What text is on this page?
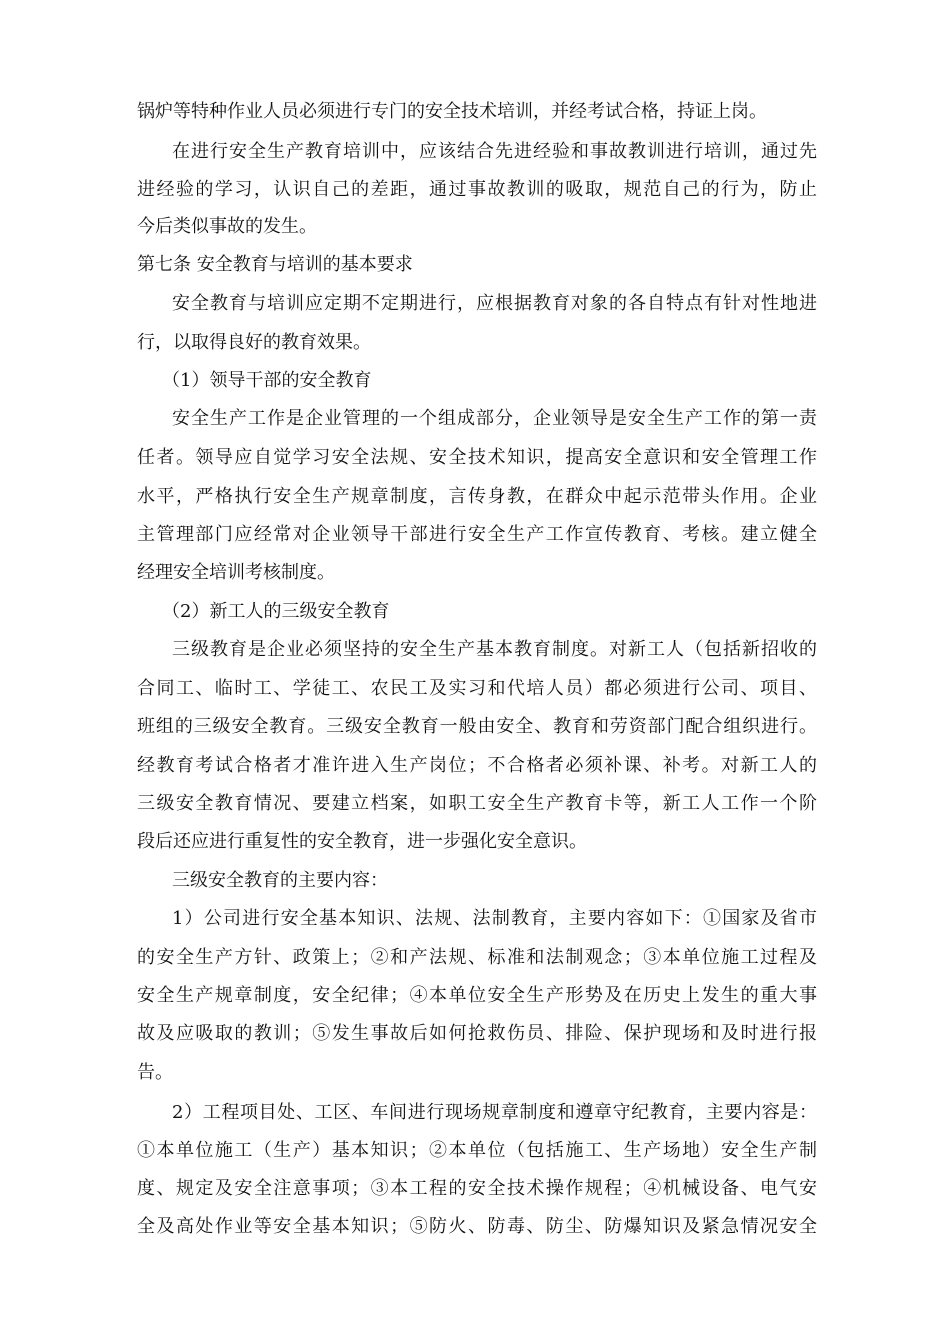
锅炉等特种作业人员必须进行专门的安全技术培训，并经考试合格，持证上岗。
在进行安全生产教育培训中，应该结合先进经验和事故教训进行培训，通过先
进经验的学习，认识自己的差距，通过事故教训的吸取，规范自己的行为，防止
今后类似事故的发生。
第七条 安全教育与培训的基本要求
安全教育与培训应定期不定期进行，应根据教育对象的各自特点有针对性地进
行，以取得良好的教育效果。
（1）领导干部的安全教育
安全生产工作是企业管理的一个组成部分，企业领导是安全生产工作的第一责
任者。领导应自觉学习安全法规、安全技术知识，提高安全意识和安全管理工作
水平，严格执行安全生产规章制度，言传身教，在群众中起示范带头作用。企业
主管理部门应经常对企业领导干部进行安全生产工作宣传教育、考核。建立健全
经理安全培训考核制度。
（2）新工人的三级安全教育
三级教育是企业必须坚持的安全生产基本教育制度。对新工人（包括新招收的
合同工、临时工、学徒工、农民工及实习和代培人员）都必须进行公司、项目、
班组的三级安全教育。三级安全教育一般由安全、教育和劳资部门配合组织进行。
经教育考试合格者才准许进入生产岗位；不合格者必须补课、补考。对新工人的
三级安全教育情况、要建立档案，如职工安全生产教育卡等，新工人工作一个阶
段后还应进行重复性的安全教育，进一步强化安全意识。
三级安全教育的主要内容：
1）公司进行安全基本知识、法规、法制教育，主要内容如下：①国家及省市
的安全生产方针、政策上；②和产法规、标准和法制观念；③本单位施工过程及
安全生产规章制度，安全纪律；④本单位安全生产形势及在历史上发生的重大事
故及应吸取的教训；⑤发生事故后如何抢救伤员、排险、保护现场和及时进行报
告。
2）工程项目处、工区、车间进行现场规章制度和遵章守纪教育，主要内容是：
①本单位施工（生产）基本知识；②本单位（包括施工、生产场地）安全生产制
度、规定及安全注意事项；③本工程的安全技术操作规程；④机械设备、电气安
全及高处作业等安全基本知识；⑤防火、防毒、防尘、防爆知识及紧急情况安全
